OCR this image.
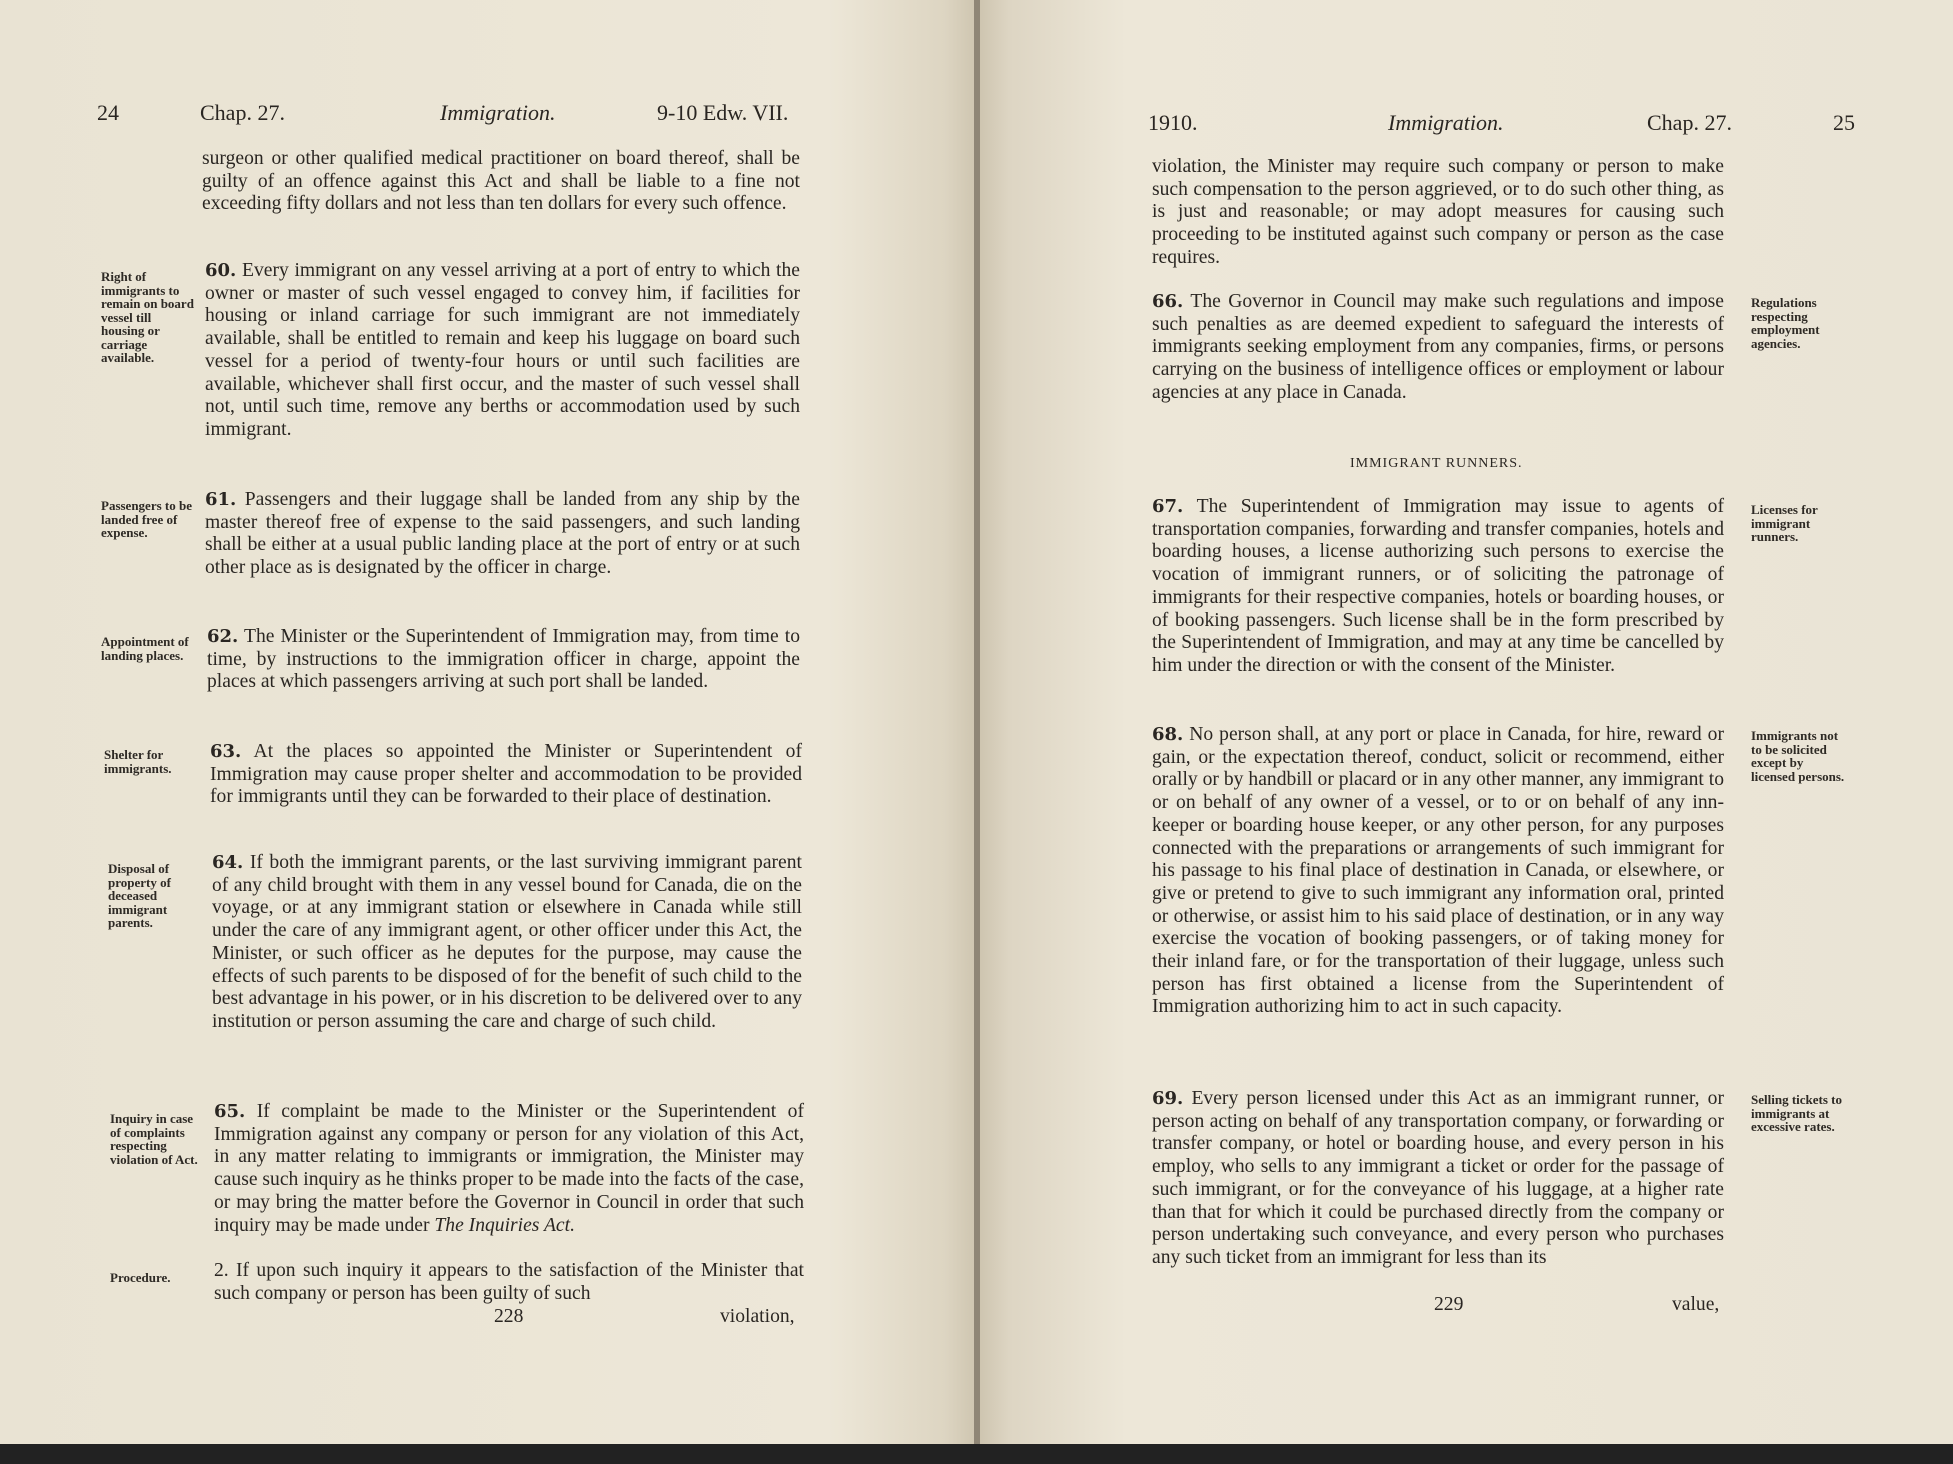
24	Chap. 27.	Immigration.	9-10 Edw. VII.
surgeon or other qualified medical practitioner on board thereof, shall be guilty of an offence against this Act and shall be liable to a fine not exceeding fifty dollars and not less than ten dollars for every such offence.
Right of immigrants to remain on board vessel till housing or carriage available.

60. Every immigrant on any vessel arriving at a port of entry to which the owner or master of such vessel engaged to convey him, if facilities for housing or inland carriage for such immigrant are not immediately available, shall be entitled to remain and keep his luggage on board such vessel for a period of twenty-four hours or until such facilities are available, whichever shall first occur, and the master of such vessel shall not, until such time, remove any berths or accommodation used by such immigrant.

Passengers to be landed free of expense.

61. Passengers and their luggage shall be landed from any ship by the master thereof free of expense to the said passengers, and such landing shall be either at a usual public landing place at the port of entry or at such other place as is designated by the officer in charge.

Appointment of landing places.

62. The Minister or the Superintendent of Immigration may, from time to time, by instructions to the immigration officer in charge, appoint the places at which passengers arriving at such port shall be landed.

Shelter for immigrants.

63. At the places so appointed the Minister or Superintendent of Immigration may cause proper shelter and accommodation to be provided for immigrants until they can be forwarded to their place of destination.

Disposal of property of deceased immigrant parents.

64. If both the immigrant parents, or the last surviving immigrant parent of any child brought with them in any vessel bound for Canada, die on the voyage, or at any immigrant station or elsewhere in Canada while still under the care of any immigrant agent, or other officer under this Act, the Minister, or such officer as he deputes for the purpose, may cause the effects of such parents to be disposed of for the benefit of such child to the best advantage in his power, or in his discretion to be delivered over to any institution or person assuming the care and charge of such child.

Inquiry in case of complaints respecting violation of Act.

65. If complaint be made to the Minister or the Superintendent of Immigration against any company or person for any violation of this Act, in any matter relating to immigrants or immigration, the Minister may cause such inquiry as he thinks proper to be made into the facts of the case, or may bring the matter before the Governor in Council in order that such inquiry may be made under The Inquiries Act.

Procedure.	2. If upon such inquiry it appears to the satisfaction of the Minister that such company or person has been guilty of such
228	violation,
1910.	Immigration.	Chap. 27.	25
violation, the Minister may require such company or person to make such compensation to the person aggrieved, or to do such other thing, as is just and reasonable; or may adopt measures for causing such proceeding to be instituted against such company or person as the case requires.

66. The Governor in Council may make such regulations and impose such penalties as are deemed expedient to safeguard the interests of immigrants seeking employment from any companies, firms, or persons carrying on the business of intelligence offices or employment or labour agencies at any place in Canada.

Regulations respecting employment agencies.
IMMIGRANT RUNNERS.

67. The Superintendent of Immigration may issue to agents of transportation companies, forwarding and transfer companies, hotels and boarding houses, a license authorizing such persons to exercise the vocation of immigrant runners, or of soliciting the patronage of immigrants for their respective companies, hotels or boarding houses, or of booking passengers. Such license shall be in the form prescribed by the Superintendent of Immigration, and may at any time be cancelled by him under the direction or with the consent of the Minister.

Licenses for immigrant runners.

68. No person shall, at any port or place in Canada, for hire, reward or gain, or the expectation thereof, conduct, solicit or recommend, either orally or by handbill or placard or in any other manner, any immigrant to or on behalf of any owner of a vessel, or to or on behalf of any inn-keeper or boarding house keeper, or any other person, for any purposes connected with the preparations or arrangements of such immigrant for his passage to his final place of destination in Canada, or elsewhere, or give or pretend to give to such immigrant any information oral, printed or otherwise, or assist him to his said place of destination, or in any way exercise the vocation of booking passengers, or of taking money for their inland fare, or for the transportation of their luggage, unless such person has first obtained a license from the Superintendent of Immigration authorizing him to act in such capacity.

Immigrants not to be solicited except by licensed persons.

69. Every person licensed under this Act as an immigrant runner, or person acting on behalf of any transportation company, or forwarding or transfer company, or hotel or boarding house, and every person in his employ, who sells to any immigrant a ticket or order for the passage of such immigrant, or for the conveyance of his luggage, at a higher rate than that for which it could be purchased directly from the company or person undertaking such conveyance, and every person who purchases any such ticket from an immigrant for less than its

Selling tickets to immigrants at excessive rates.
229	value,
